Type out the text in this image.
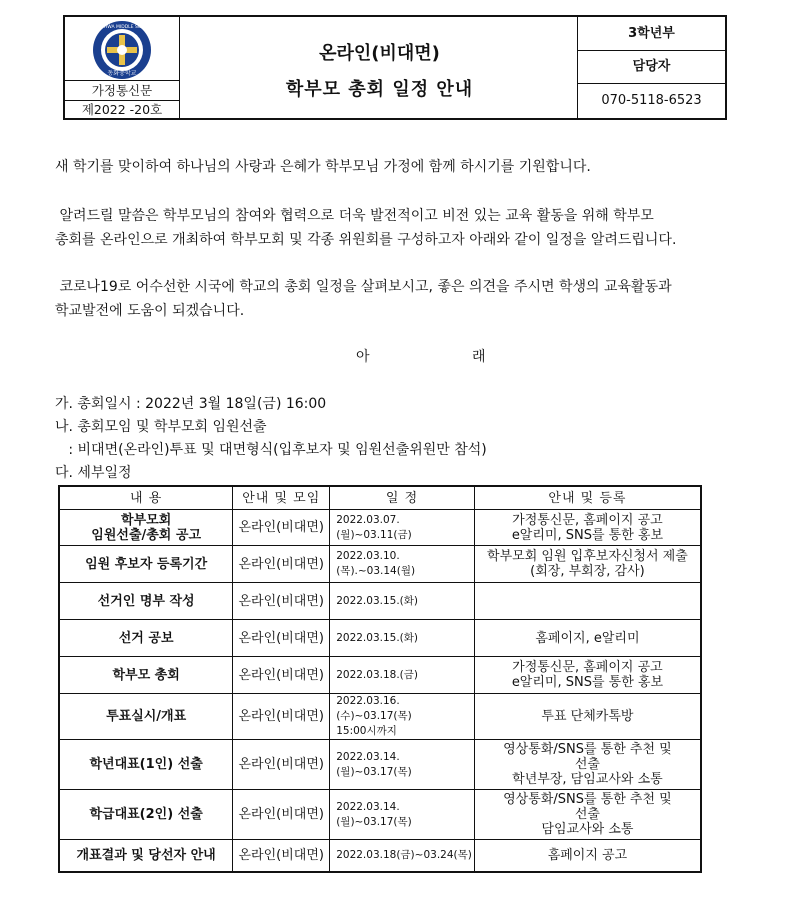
DONGHWA MIDDLE SCHOOL
동화중학교
가정통신문
제2022 -20호
온라인(비대면)
학부모 총회 일정 안내
3학년부
담당자
070-5118-6523
새 학기를 맞이하여 하나님의 사랑과 은혜가 학부모님 가정에 함께 하시기를 기원합니다.
알려드릴 말씀은 학부모님의 참여와 협력으로 더욱 발전적이고 비전 있는 교육 활동을 위해 학부모
총회를 온라인으로 개최하여 학부모회 및 각종 위원회를 구성하고자 아래와 같이 일정을 알려드립니다.
코로나19로 어수선한 시국에 학교의 총회 일정을 살펴보시고, 좋은 의견을 주시면 학생의 교육활동과
학교발전에 도움이 되겠습니다.
아	래
가. 총회일시 : 2022년 3월 18일(금) 16:00
나. 총회모임 및 학부모회 임원선출
: 비대면(온라인)투표 및 대면형식(입후보자 및 임원선출위원만 참석)
다. 세부일정
내 용	안내 및 모임	일 정	안내 및 등록
학부모회
임원선출/총회 공고	온라인(비대면)	2022.03.07.(월)~03.11(금)	가정통신문, 홈페이지 공고
e알리미, SNS를 통한 홍보
임원 후보자 등록기간	온라인(비대면)	2022.03.10.(목).~03.14(월)	학부모회 임원 입후보자신청서 제출
(회장, 부회장, 감사)
선거인 명부 작성	온라인(비대면)	2022.03.15.(화)	
선거 공보	온라인(비대면)	2022.03.15.(화)	홈페이지, e알리미
학부모 총회	온라인(비대면)	2022.03.18.(금)	가정통신문, 홈페이지 공고
e알리미, SNS를 통한 홍보
투표실시/개표	온라인(비대면)	2022.03.16.(수)~03.17(목)
15:00시까지	투표 단체카톡방
학년대표(1인) 선출	온라인(비대면)	2022.03.14.(월)~03.17(목)	영상통화/SNS를 통한 추천 및
선출
학년부장, 담임교사와 소통
학급대표(2인) 선출	온라인(비대면)	2022.03.14.(월)~03.17(목)	영상통화/SNS를 통한 추천 및
선출
담임교사와 소통
개표결과 및 당선자 안내	온라인(비대면)	2022.03.18(금)~03.24(목)	홈페이지 공고
